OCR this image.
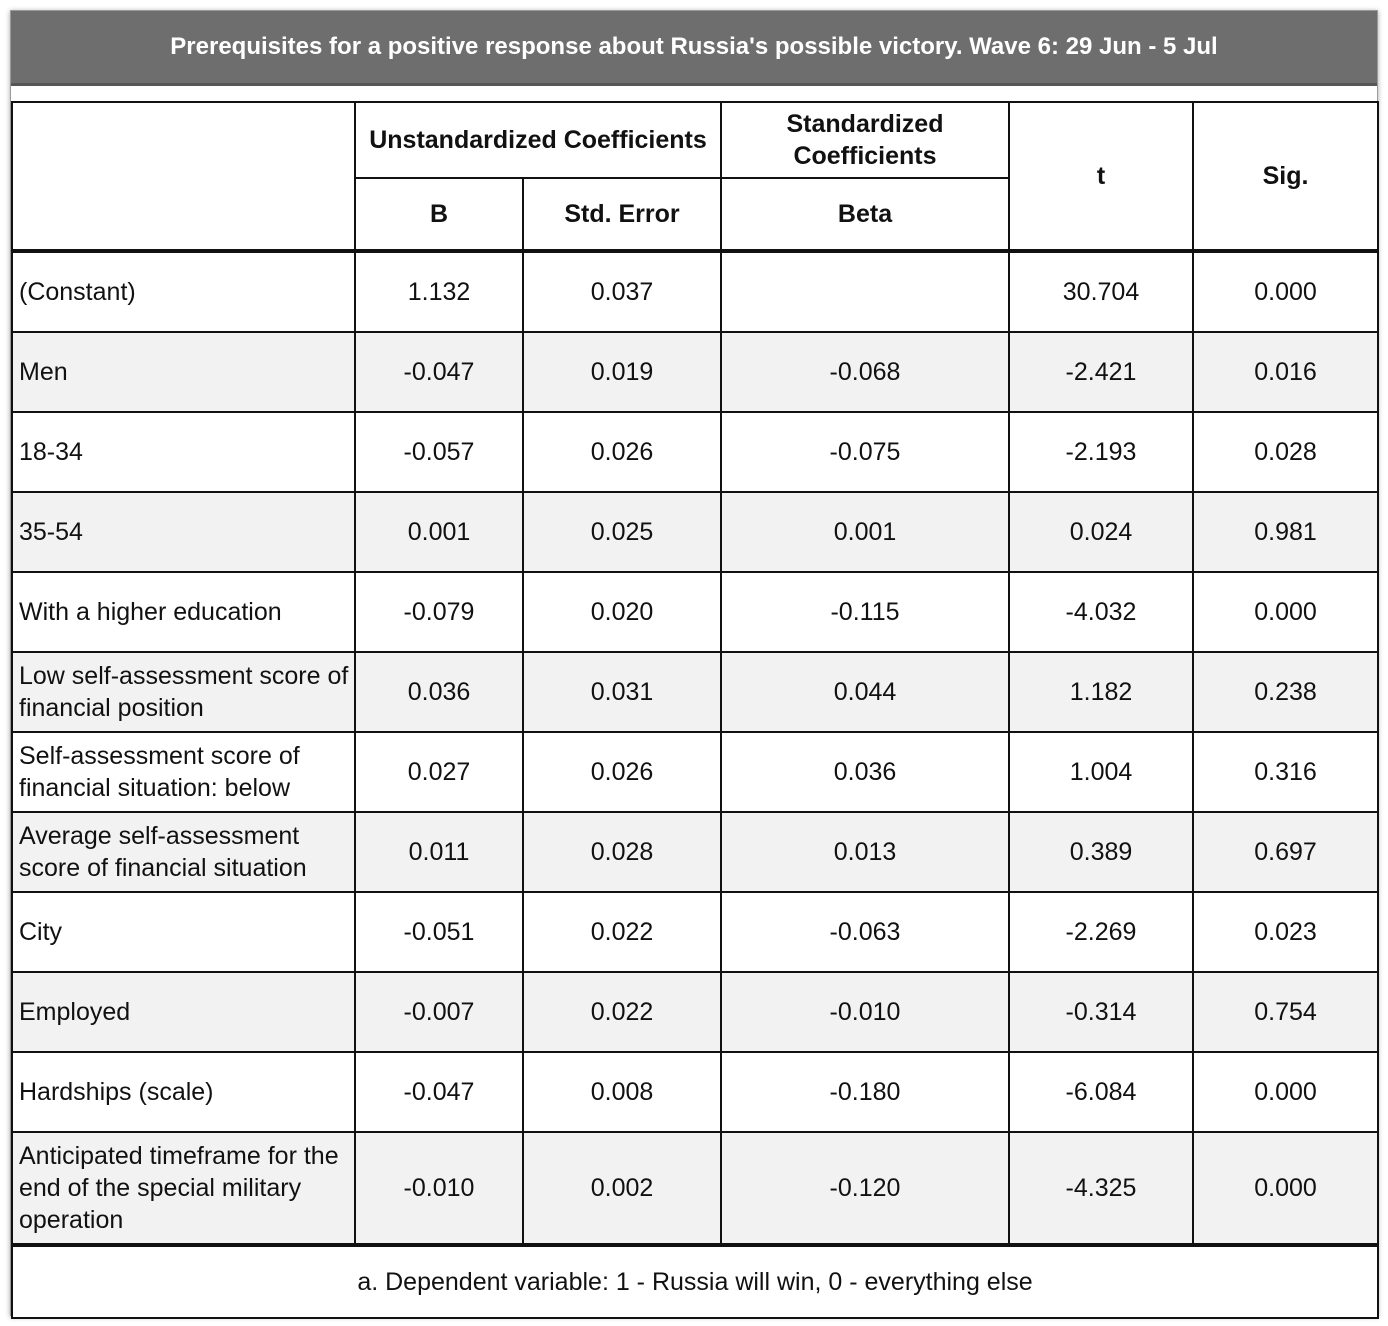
Prerequisites for a positive response about Russia's possible victory. Wave 6: 29 Jun - 5 Jul
	Unstandardized Coefficients		Standardized Coefficients	t	Sig.
	B	Std. Error	Beta		
(Constant)	1.132	0.037		30.704	0.000
Men	-0.047	0.019	-0.068	-2.421	0.016
18-34	-0.057	0.026	-0.075	-2.193	0.028
35-54	0.001	0.025	0.001	0.024	0.981
With a higher education	-0.079	0.020	-0.115	-4.032	0.000
Low self-assessment score of financial position	0.036	0.031	0.044	1.182	0.238
Self-assessment score of financial situation: below	0.027	0.026	0.036	1.004	0.316
Average self-assessment score of financial situation	0.011	0.028	0.013	0.389	0.697
City	-0.051	0.022	-0.063	-2.269	0.023
Employed	-0.007	0.022	-0.010	-0.314	0.754
Hardships (scale)	-0.047	0.008	-0.180	-6.084	0.000
Anticipated timeframe for the end of the special military operation	-0.010	0.002	-0.120	-4.325	0.000
a. Dependent variable: 1 - Russia will win, 0 - everything else					
